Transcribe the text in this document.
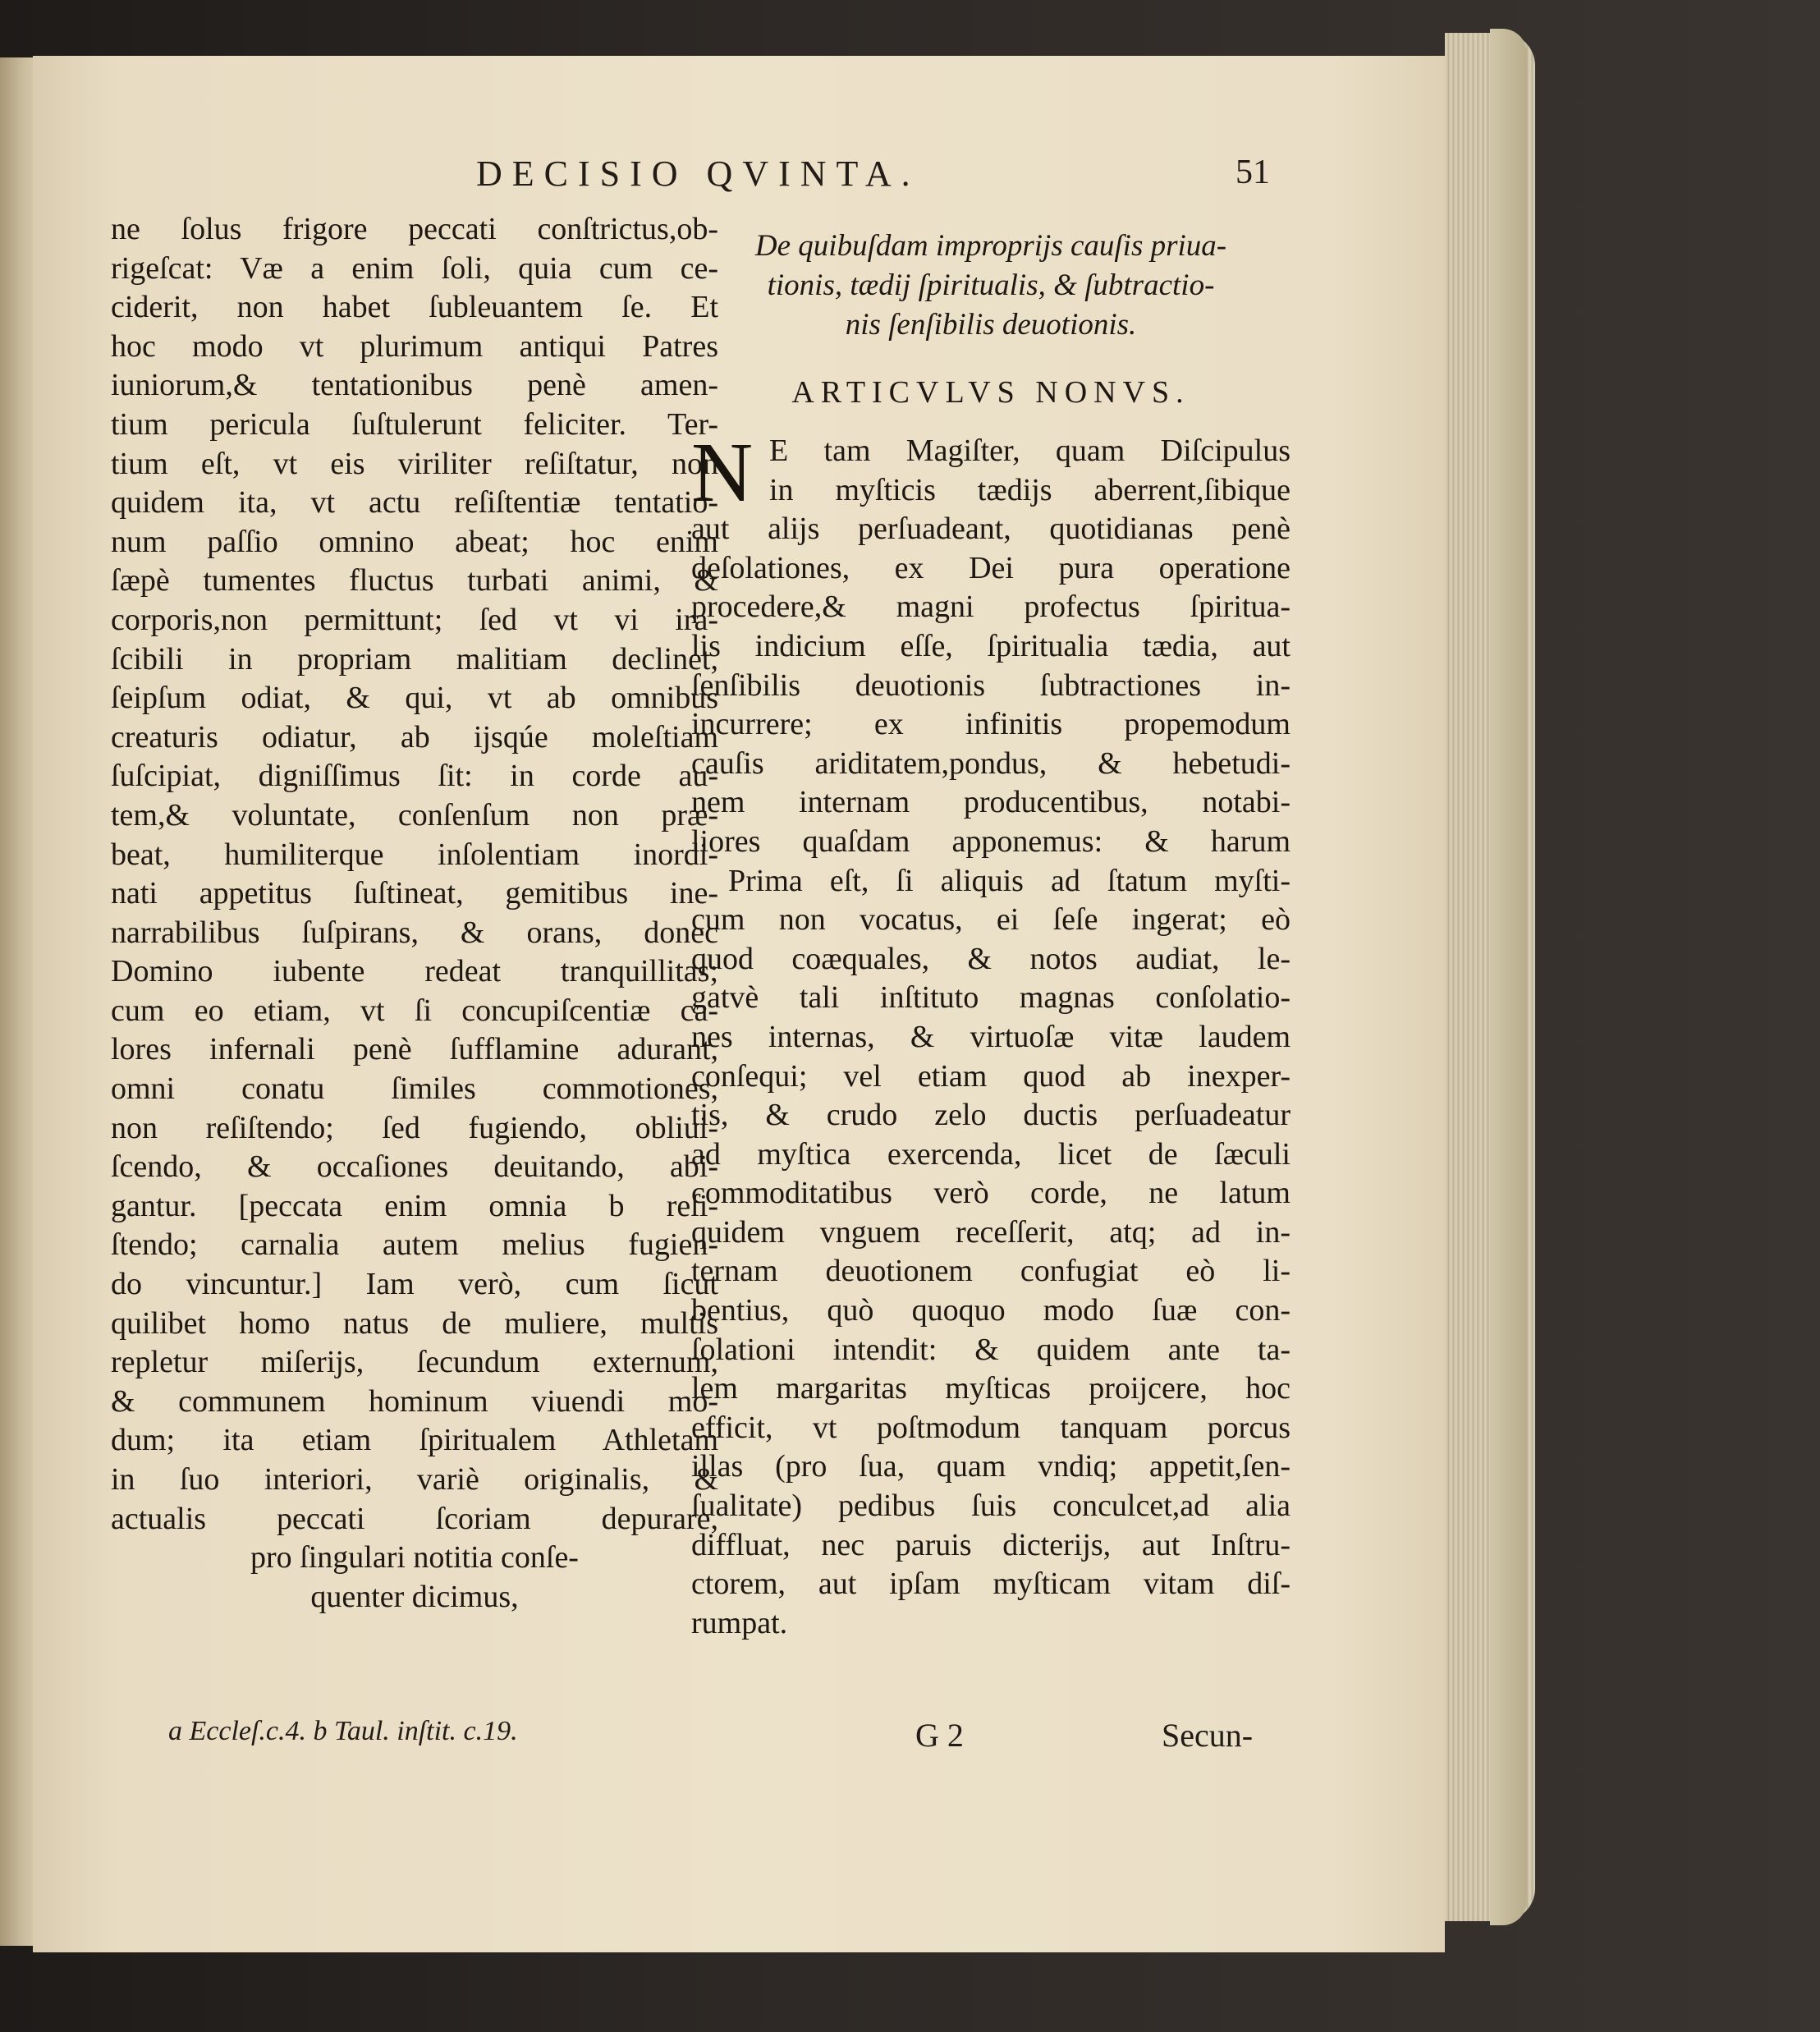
DECISIO QVINTA.	51
ne ſolus frigore peccati conſtrictus,ob-
rigeſcat: Væ a enim ſoli, quia cum ce-
ciderit, non habet ſubleuantem ſe. Et
hoc modo vt plurimum antiqui Patres
iuniorum,& tentationibus penè amen-
tium pericula ſuſtulerunt feliciter. Ter-
tium eſt, vt eis viriliter reſiſtatur, non
quidem ita, vt actu reſiſtentiæ tentatio-
num paſſio omnino abeat; hoc enim
ſæpè tumentes fluctus turbati animi, &
corporis,non permittunt; ſed vt vi ira-
ſcibili in propriam malitiam declinet,
ſeipſum odiat, & qui, vt ab omnibus
creaturis odiatur, ab ijsqúe moleſtiam
ſuſcipiat, digniſſimus ſit: in corde au-
tem,& voluntate, conſenſum non præ-
beat, humiliterque inſolentiam inordi-
nati appetitus ſuſtineat, gemitibus ine-
narrabilibus ſuſpirans, & orans, donec
Domino iubente redeat tranquillitas;
cum eo etiam, vt ſi concupiſcentiæ ca-
lores infernali penè ſufflamine adurant,
omni conatu ſimiles commotiones,
non reſiſtendo; ſed fugiendo, obliui-
ſcendo, & occaſiones deuitando, abi-
gantur. [peccata enim omnia b reſi-
ſtendo; carnalia autem melius fugien-
do vincuntur.] Iam verò, cum ſicut
quilibet homo natus de muliere, multis
repletur miſerijs, ſecundum externum,
& communem hominum viuendi mo-
dum; ita etiam ſpiritualem Athletam
in ſuo interiori, variè originalis, &
actualis peccati ſcoriam depurare,
pro ſingulari notitia conſe-
quenter dicimus,
De quibuſdam improprijs cauſis priua-
tionis, tædij ſpiritualis, & ſubtractio-
nis ſenſibilis deuotionis.
ARTICVLVS NONVS.
N E tam Magiſter, quam Diſcipulus
in myſticis tædijs aberrent,ſibique
aut alijs perſuadeant, quotidianas penè
deſolationes, ex Dei pura operatione
procedere,& magni profectus ſpiritua-
lis indicium eſſe, ſpiritualia tædia, aut
ſenſibilis deuotionis ſubtractiones in-
incurrere; ex infinitis propemodum
cauſis ariditatem,pondus, & hebetudi-
nem internam producentibus, notabi-
liores quaſdam apponemus: & harum
Prima eſt, ſi aliquis ad ſtatum myſti-
cum non vocatus, ei ſeſe ingerat; eò
quod coæquales, & notos audiat, le-
gatvè tali inſtituto magnas conſolatio-
nes internas, & virtuoſæ vitæ laudem
conſequi; vel etiam quod ab inexper-
tis, & crudo zelo ductis perſuadeatur
ad myſtica exercenda, licet de ſæculi
commoditatibus verò corde, ne latum
quidem vnguem receſſerit, atq; ad in-
ternam deuotionem confugiat eò li-
bentius, quò quoquo modo ſuæ con-
ſolationi intendit: & quidem ante ta-
lem margaritas myſticas proijcere, hoc
efficit, vt poſtmodum tanquam porcus
illas (pro ſua, quam vndiq; appetit,ſen-
ſualitate) pedibus ſuis conculcet,ad alia
diffluat, nec paruis dicterijs, aut Inſtru-
ctorem, aut ipſam myſticam vitam diſ-
rumpat.
a Eccleſ.c.4. b Taul. inſtit. c.19.	G 2	Secun-
